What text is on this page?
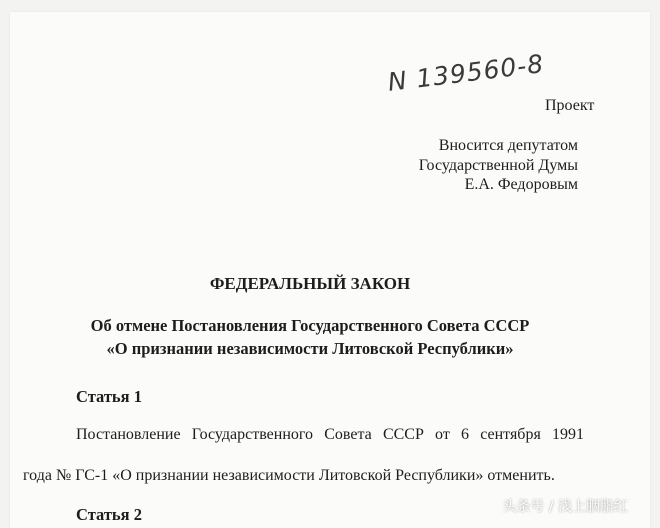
N 139560-8
Проект
Вносится депутатом
Государственной Думы
Е.А. Федоровым
ФЕДЕРАЛЬНЫЙ ЗАКОН
Об отмене Постановления Государственного Совета СССР
«О признании независимости Литовской Республики»
Статья 1
Постановление Государственного Совета СССР от 6 сентября 1991
года № ГС-1 «О признании независимости Литовской Республики» отменить.
Статья 2	头条号 / 浅上胭脂红
